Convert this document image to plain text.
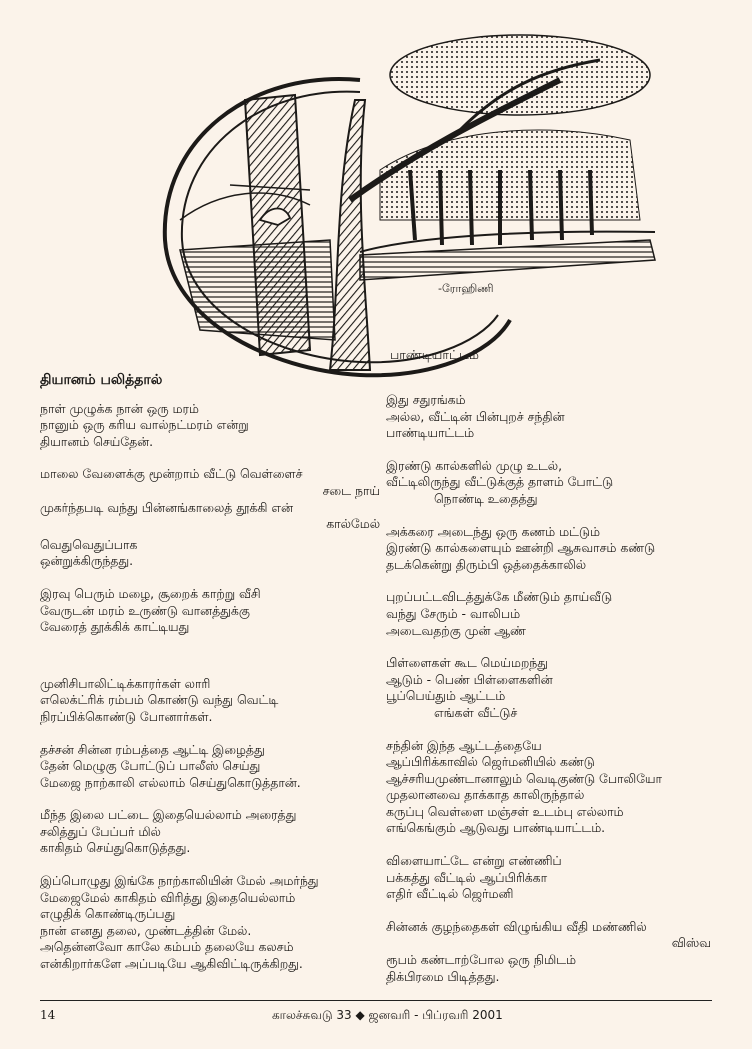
-ரோஹிணி
பாண்டியாட்டம்
தியானம் பலித்தால்
நாள் முழுக்க நான் ஒரு மரம்
நானும் ஒரு கரிய வால்நட்மரம் என்று
தியானம் செய்தேன்.
மாலை வேளைக்கு மூன்றாம் வீட்டு வெள்ளைச்
சடை நாய்
முகர்ந்தபடி வந்து பின்னங்காலைத் தூக்கி என்
கால்மேல்
வெதுவெதுப்பாக
ஒன்றுக்கிருந்தது.
இரவு பெரும் மழை, சூறைக் காற்று வீசி
வேருடன் மரம் உருண்டு வானத்துக்கு
வேரைத் தூக்கிக் காட்டியது
முனிசிபாலிட்டிக்காரர்கள் லாரி
எலெக்ட்ரிக் ரம்பம் கொண்டு வந்து வெட்டி
நிரப்பிக்கொண்டு போனார்கள்.
தச்சன் சின்ன ரம்பத்தை ஆட்டி இழைத்து
தேன் மெழுகு போட்டுப் பாலீஸ் செய்து
மேஜை நாற்காலி எல்லாம் செய்துகொடுத்தான்.
மீந்த இலை பட்டை இதையெல்லாம் அரைத்து
சலித்துப் பேப்பர் மில்
காகிதம் செய்துகொடுத்தது.
இப்பொழுது இங்கே நாற்காலியின் மேல் அமர்ந்து
மேஜைமேல் காகிதம் விரித்து இதையெல்லாம்
எழுதிக் கொண்டிருப்பது
நான் எனது தலை, முண்டத்தின் மேல்.
அதென்னவோ காலே கம்பம் தலையே கலசம்
என்கிறார்களே அப்படியே ஆகிவிட்டிருக்கிறது.
இது சதுரங்கம்
அல்ல, வீட்டின் பின்புறச் சந்தின்
பாண்டியாட்டம்
இரண்டு கால்களில் முழு உடல்,
வீட்டிலிருந்து வீட்டுக்குத் தாளம் போட்டு
நொண்டி உதைத்து
அக்கரை அடைந்து ஒரு கணம் மட்டும்
இரண்டு கால்களையும் ஊன்றி ஆசுவாசம் கண்டு
தடக்கென்று திரும்பி ஒத்தைக்காலில்
புறப்பட்டவிடத்துக்கே மீண்டும் தாய்வீடு
வந்து சேரும் - வாலிபம்
அடைவதற்கு முன் ஆண்
பிள்ளைகள் கூட மெய்மறந்து
ஆடும் - பெண் பிள்ளைகளின்
பூப்பெய்தும் ஆட்டம்
எங்கள் வீட்டுச்
சந்தின் இந்த ஆட்டத்தையே
ஆப்பிரிக்காவில் ஜெர்மனியில் கண்டு
ஆச்சரியமுண்டானாலும் வெடிகுண்டு போலியோ
முதலானவை தாக்காத காலிருந்தால்
கருப்பு வெள்ளை மஞ்சள் உடம்பு எல்லாம்
எங்கெங்கும் ஆடுவது பாண்டியாட்டம்.
விளையாட்டே என்று எண்ணிப்
பக்கத்து வீட்டில் ஆப்பிரிக்கா
எதிர் வீட்டில் ஜெர்மனி
சின்னக் குழந்தைகள் விழுங்கிய வீதி மண்ணில்
விஸ்வ
ரூபம் கண்டாற்போல ஒரு நிமிடம்
திக்பிரமை பிடித்தது.
14	காலச்சுவடு 33 ◆ ஜனவரி - பிப்ரவரி 2001
